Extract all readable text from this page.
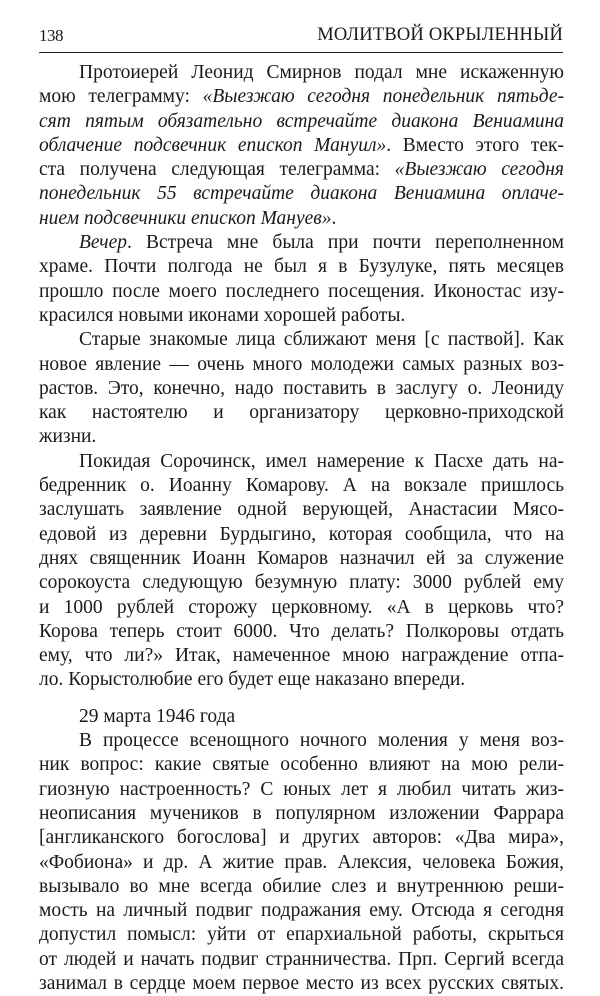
138	МОЛИТВОЙ ОКРЫЛЕННЫЙ
Протоиерей Леонид Смирнов подал мне искаженную
мою телеграмму: «Выезжаю сегодня понедельник пятьде-
сят пятым обязательно встречайте диакона Вениамина
облачение подсвечник епископ Мануил». Вместо этого тек-
ста получена следующая телеграмма: «Выезжаю сегодня
понедельник 55 встречайте диакона Вениамина оплаче-
нием подсвечники епископ Мануев».
Вечер. Встреча мне была при почти переполненном
храме. Почти полгода не был я в Бузулуке, пять месяцев
прошло после моего последнего посещения. Иконостас изу-
красился новыми иконами хорошей работы.
Старые знакомые лица сближают меня [с паствой]. Как
новое явление — очень много молодежи самых разных воз-
растов. Это, конечно, надо поставить в заслугу о. Леониду
как настоятелю и организатору церковно-приходской
жизни.
Покидая Сорочинск, имел намерение к Пасхе дать на-
бедренник о. Иоанну Комарову. А на вокзале пришлось
заслушать заявление одной верующей, Анастасии Мясо-
едовой из деревни Бурдыгино, которая сообщила, что на
днях священник Иоанн Комаров назначил ей за служение
сорокоуста следующую безумную плату: 3000 рублей ему
и 1000 рублей сторожу церковному. «А в церковь что?
Корова теперь стоит 6000. Что делать? Полкоровы отдать
ему, что ли?» Итак, намеченное мною награждение отпа-
ло. Корыстолюбие его будет еще наказано впереди.
29 марта 1946 года
В процессе всенощного ночного моления у меня воз-
ник вопрос: какие святые особенно влияют на мою рели-
гиозную настроенность? С юных лет я любил читать жиз-
неописания мучеников в популярном изложении Фаррара
[англиканского богослова] и других авторов: «Два мира»,
«Фобиона» и др. А житие прав. Алексия, человека Божия,
вызывало во мне всегда обилие слез и внутреннюю реши-
мость на личный подвиг подражания ему. Отсюда я сегодня
допустил помысл: уйти от епархиальной работы, скрыться
от людей и начать подвиг странничества. Прп. Сергий всегда
занимал в сердце моем первое место из всех русских святых.
